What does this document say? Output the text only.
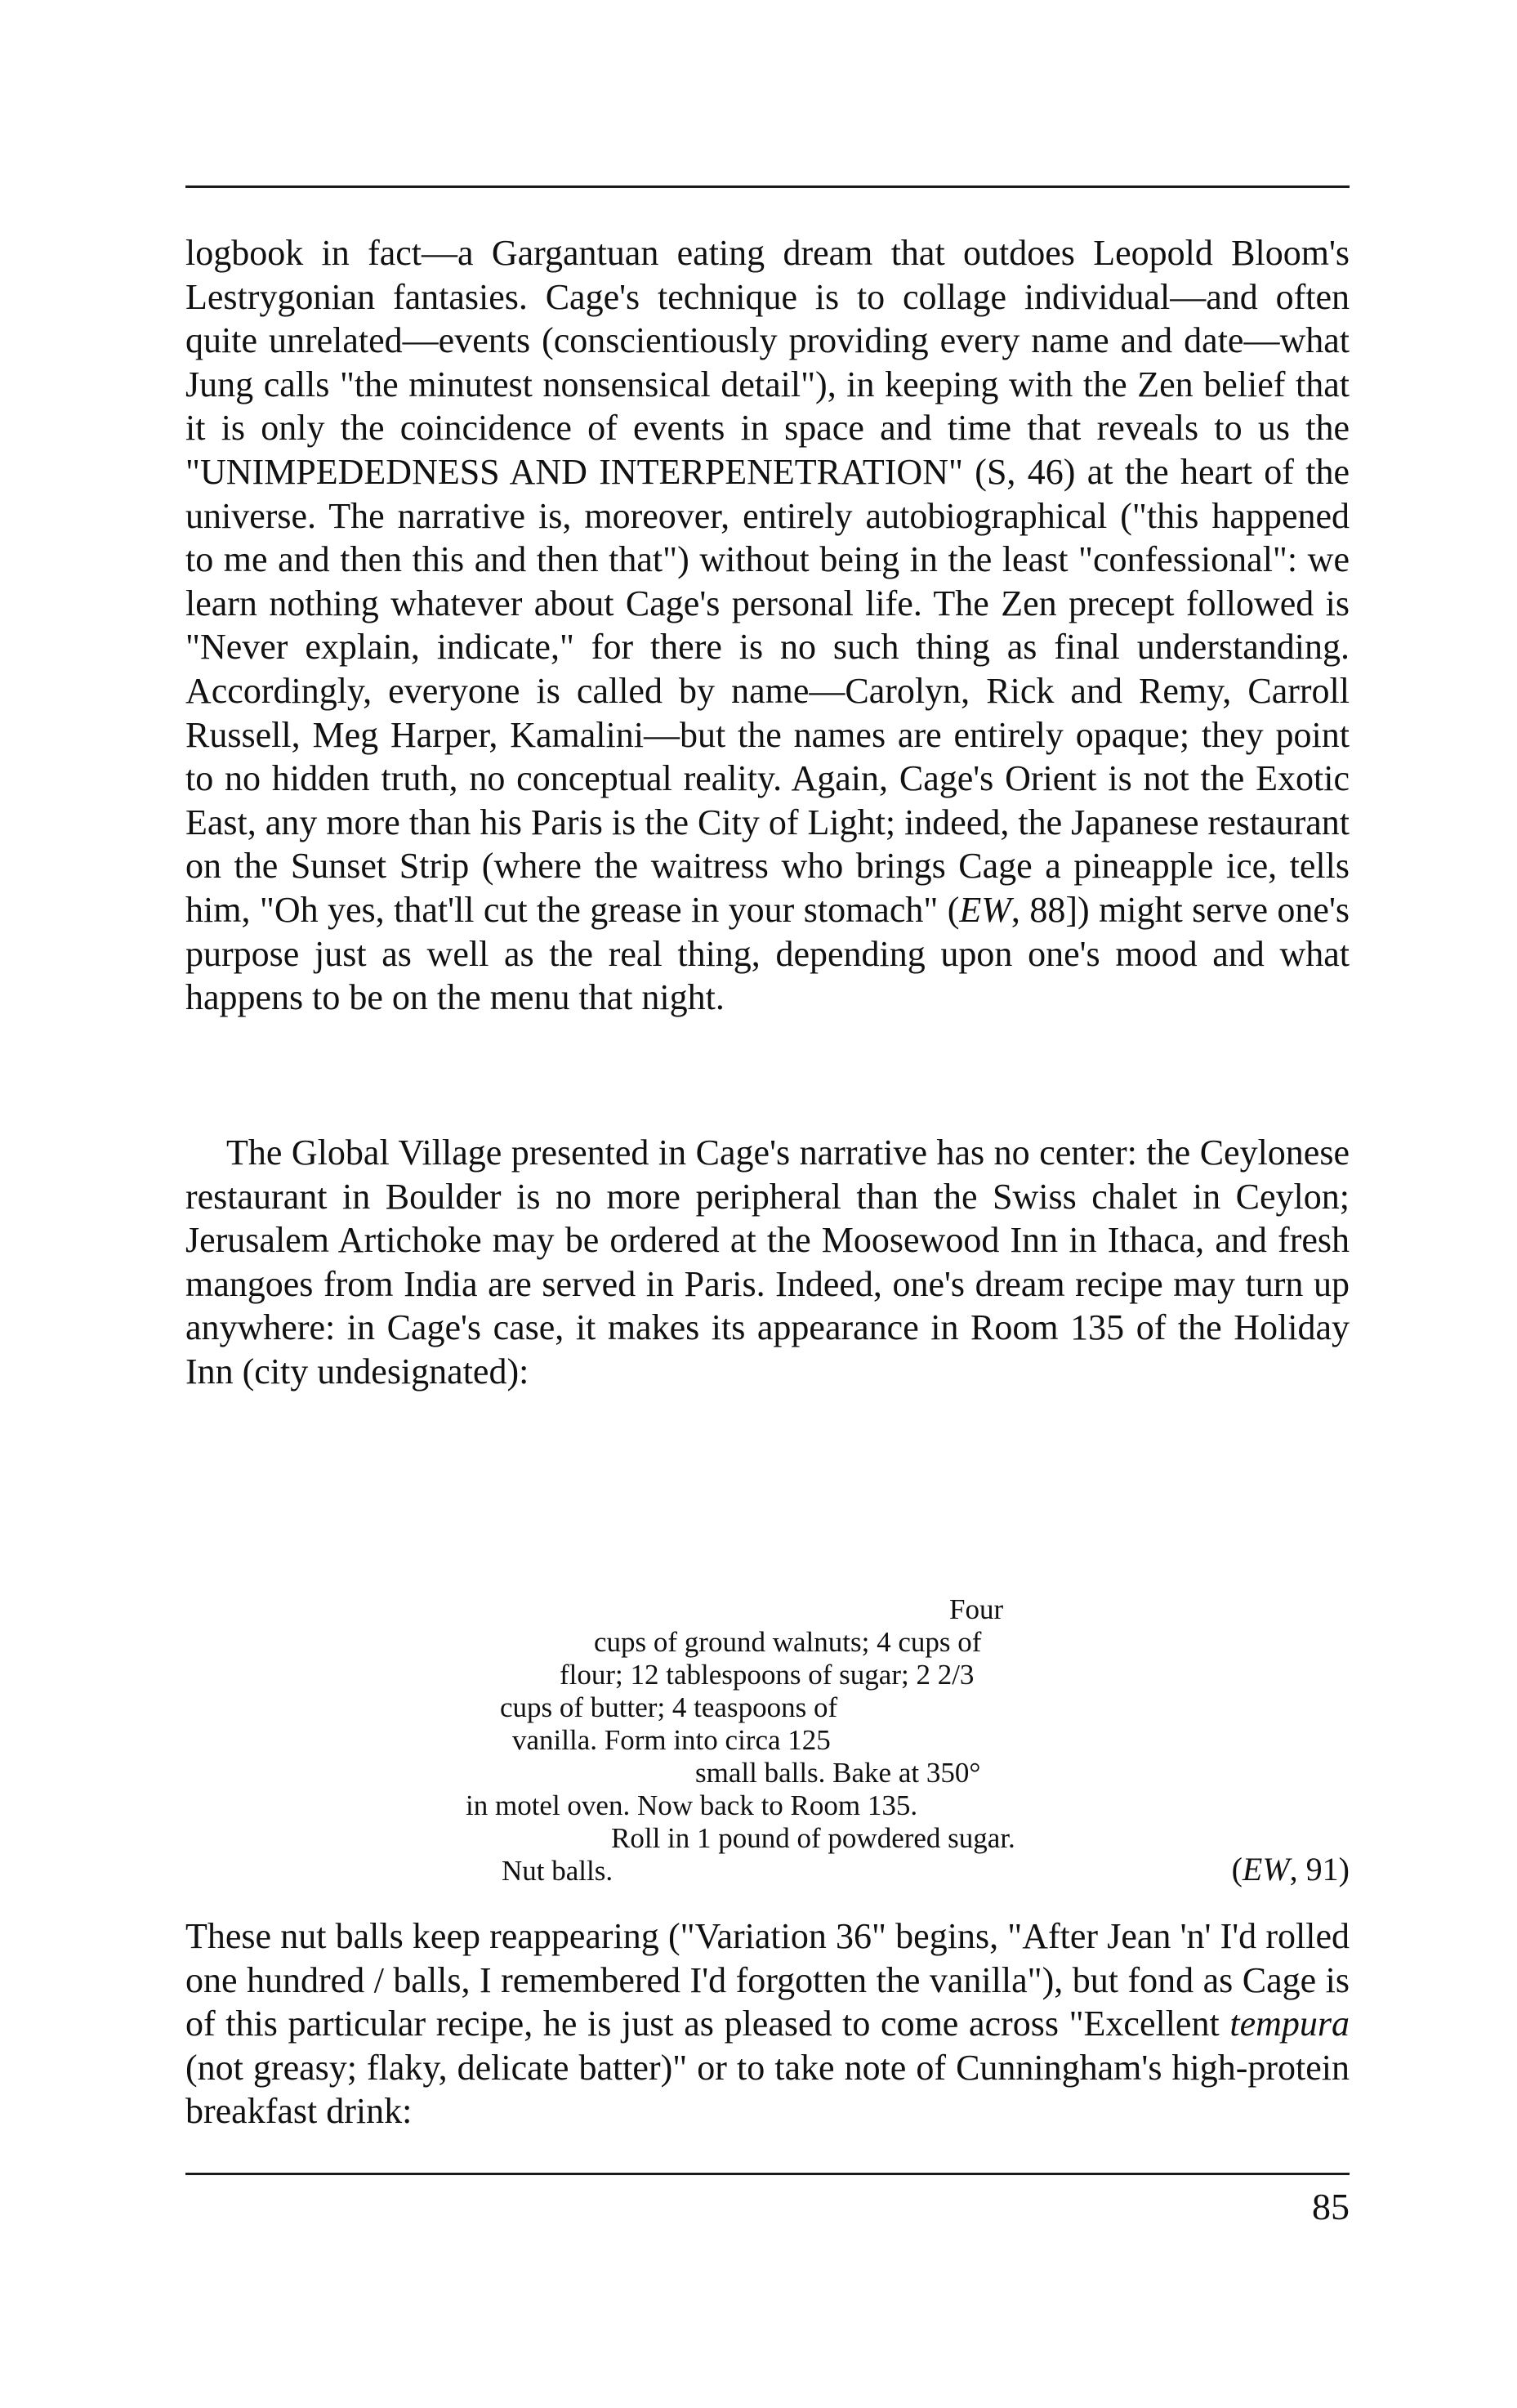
logbook in fact—a Gargantuan eating dream that outdoes Leopold Bloom's Lestrygonian fantasies. Cage's technique is to collage individual—and often quite unrelated—events (conscientiously providing every name and date—what Jung calls "the minutest nonsensical detail"), in keeping with the Zen belief that it is only the coincidence of events in space and time that reveals to us the "UNIMPEDEDNESS AND INTERPENETRATION" (S, 46) at the heart of the universe. The narrative is, moreover, entirely autobiographical ("this happened to me and then this and then that") without being in the least "confessional": we learn nothing whatever about Cage's personal life. The Zen precept followed is "Never explain, indicate," for there is no such thing as final understanding. Accordingly, everyone is called by name—Carolyn, Rick and Remy, Carroll Russell, Meg Harper, Kamalini—but the names are entirely opaque; they point to no hidden truth, no conceptual reality. Again, Cage's Orient is not the Exotic East, any more than his Paris is the City of Light; indeed, the Japanese restaurant on the Sunset Strip (where the waitress who brings Cage a pineapple ice, tells him, "Oh yes, that'll cut the grease in your stomach" (EW, 88]) might serve one's purpose just as well as the real thing, depending upon one's mood and what happens to be on the menu that night.

The Global Village presented in Cage's narrative has no center: the Ceylonese restaurant in Boulder is no more peripheral than the Swiss chalet in Ceylon; Jerusalem Artichoke may be ordered at the Moosewood Inn in Ithaca, and fresh mangoes from India are served in Paris. Indeed, one's dream recipe may turn up anywhere: in Cage's case, it makes its appearance in Room 135 of the Holiday Inn (city undesignated):

Four
cups of ground walnuts; 4 cups of
flour; 12 tablespoons of sugar; 2 2/3
cups of butter; 4 teaspoons of
vanilla. Form into circa 125
small balls. Bake at 350°
in motel oven. Now back to Room 135.
Roll in 1 pound of powdered sugar.
Nut balls.	(EW, 91)

These nut balls keep reappearing ("Variation 36" begins, "After Jean 'n' I'd rolled one hundred / balls, I remembered I'd forgotten the vanilla"), but fond as Cage is of this particular recipe, he is just as pleased to come across "Excellent tempura (not greasy; flaky, delicate batter)" or to take note of Cunningham's high-protein breakfast drink:

85
